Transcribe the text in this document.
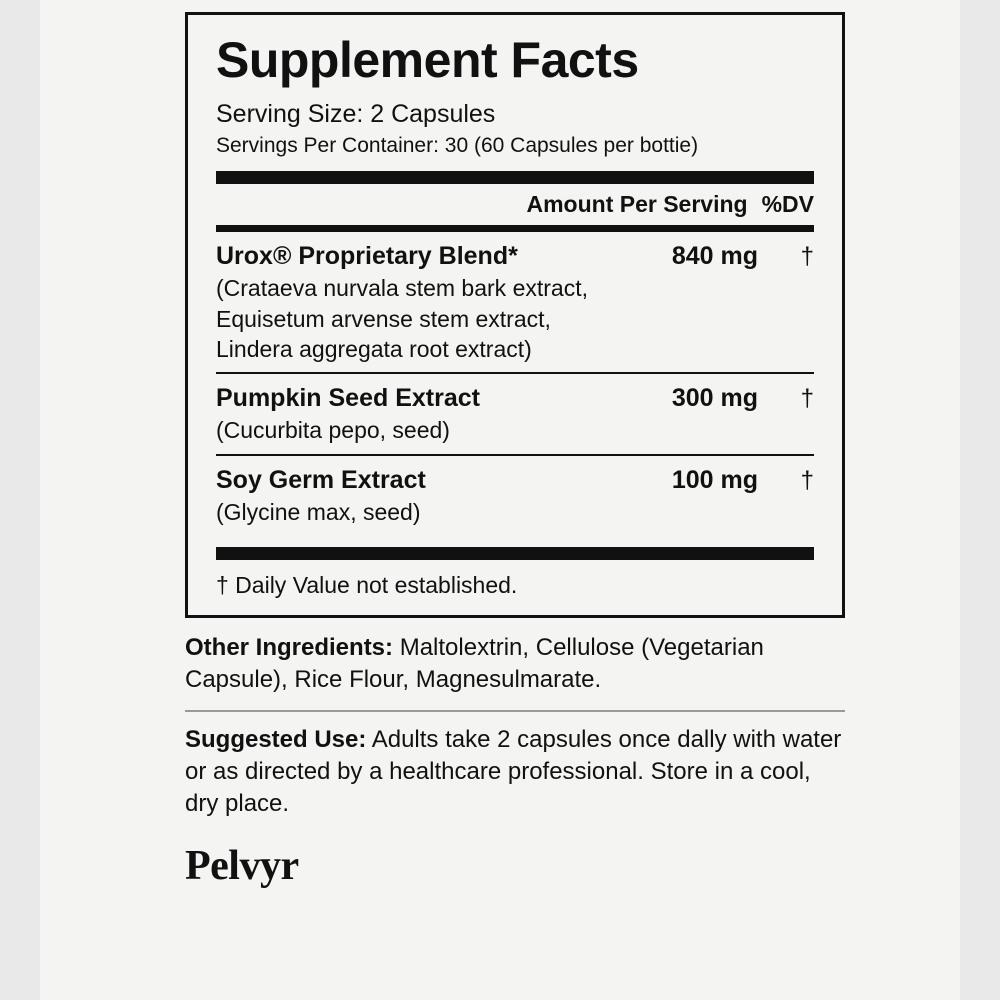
Supplement Facts
Serving Size: 2 Capsules
Servings Per Container: 30 (60 Capsules per bottie)
Amount Per Serving %DV
Urox® Proprietary Blend*	840 mg	†
(Crataeva nurvala stem bark extract,
Equisetum arvense stem extract,
Lindera aggregata root extract)
Pumpkin Seed Extract	300 mg	†
(Cucurbita pepo, seed)
Soy Germ Extract	100 mg	†
(Glycine max, seed)
† Daily Value not established.

Other Ingredients: Maltolextrin, Cellulose (Vegetarian Capsule), Rice Flour, Magnesulmarate.

Suggested Use: Adults take 2 capsules once dally with water or as directed by a healthcare professional. Store in a cool, dry place.

Pelvyr
